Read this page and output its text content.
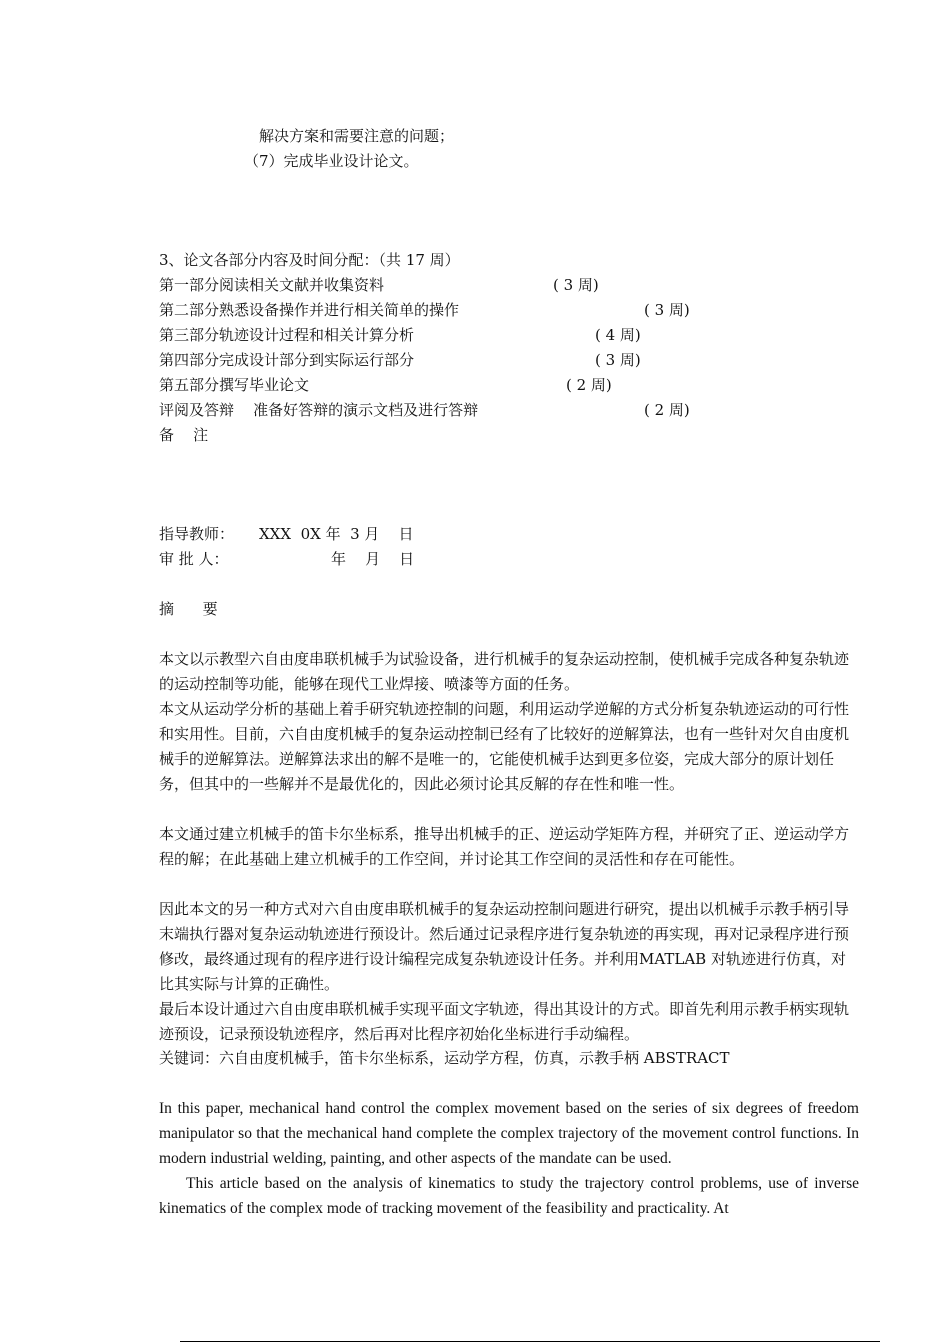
解决方案和需要注意的问题；
（7）完成毕业设计论文。
3、论文各部分内容及时间分配：（共 17 周）
第一部分阅读相关文献并收集资料	( 3 周)
第二部分熟悉设备操作并进行相关简单的操作	( 3 周)
第三部分轨迹设计过程和相关计算分析	( 4 周)
第四部分完成设计部分到实际运行部分	( 3 周)
第五部分撰写毕业论文	( 2 周)
评阅及答辩    准备好答辩的演示文档及进行答辩	( 2 周)
备    注
指导教师： XXX  0X 年  3 月    日
审 批 人：	年    月    日
摘      要
本文以示教型六自由度串联机械手为试验设备，进行机械手的复杂运动控制，使机械手完成各种复杂轨迹的运动控制等功能，能够在现代工业焊接、喷漆等方面的任务。
本文从运动学分析的基础上着手研究轨迹控制的问题，利用运动学逆解的方式分析复杂轨迹运动的可行性和实用性。目前，六自由度机械手的复杂运动控制已经有了比较好的逆解算法，也有一些针对欠自由度机械手的逆解算法。逆解算法求出的解不是唯一的，它能使机械手达到更多位姿，完成大部分的原计划任务，但其中的一些解并不是最优化的，因此必须讨论其反解的存在性和唯一性。
本文通过建立机械手的笛卡尔坐标系，推导出机械手的正、逆运动学矩阵方程，并研究了正、逆运动学方程的解；在此基础上建立机械手的工作空间，并讨论其工作空间的灵活性和存在可能性。
因此本文的另一种方式对六自由度串联机械手的复杂运动控制问题进行研究，提出以机械手示教手柄引导末端执行器对复杂运动轨迹进行预设计。然后通过记录程序进行复杂轨迹的再实现，再对记录程序进行预修改，最终通过现有的程序进行设计编程完成复杂轨迹设计任务。并利用MATLAB 对轨迹进行仿真，对比其实际与计算的正确性。
最后本设计通过六自由度串联机械手实现平面文字轨迹，得出其设计的方式。即首先利用示教手柄实现轨迹预设，记录预设轨迹程序，然后再对比程序初始化坐标进行手动编程。
关键词：六自由度机械手，笛卡尔坐标系，运动学方程，仿真，示教手柄 ABSTRACT
In this paper, mechanical hand control the complex movement based on the series of six degrees of freedom manipulator so that the mechanical hand complete the complex trajectory of the movement control functions. In modern industrial welding, painting, and other aspects of the mandate can be used.
This article based on the analysis of kinematics to study the trajectory control problems, use of inverse kinematics of the complex mode of tracking movement of the feasibility and practicality. At
